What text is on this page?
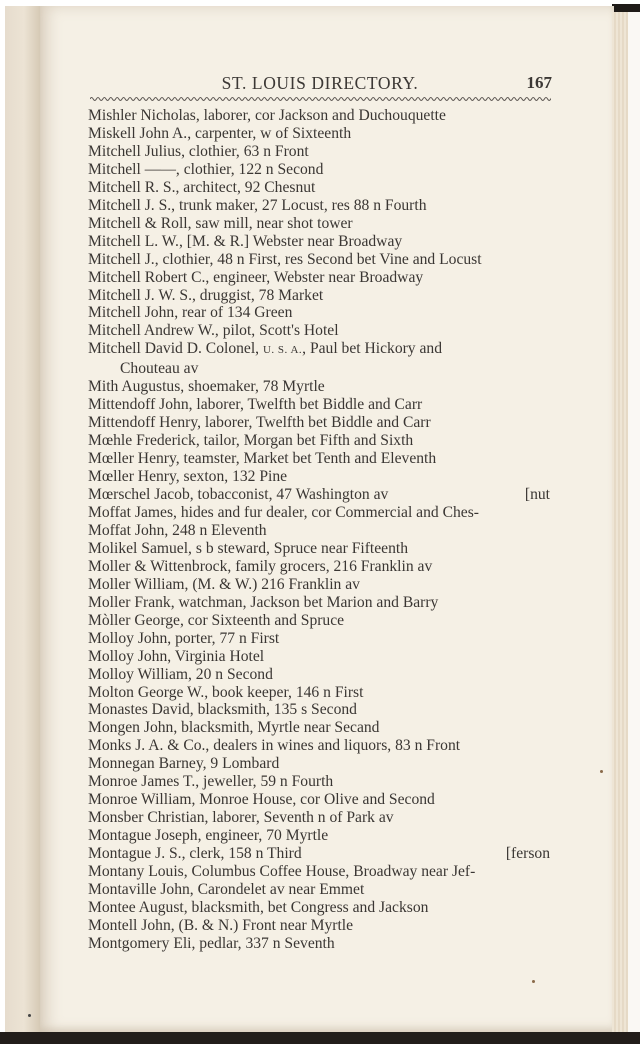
ST. LOUIS DIRECTORY.	167
Mishler Nicholas, laborer, cor Jackson and Duchouquette
Miskell John A., carpenter, w of Sixteenth
Mitchell Julius, clothier, 63 n Front
Mitchell ——, clothier, 122 n Second
Mitchell R. S., architect, 92 Chesnut
Mitchell J. S., trunk maker, 27 Locust, res 88 n Fourth
Mitchell & Roll, saw mill, near shot tower
Mitchell L. W., [M. & R.] Webster near Broadway
Mitchell J., clothier, 48 n First, res Second bet Vine and Locust
Mitchell Robert C., engineer, Webster near Broadway
Mitchell J. W. S., druggist, 78 Market
Mitchell John, rear of 134 Green
Mitchell Andrew W., pilot, Scott's Hotel
Mitchell David D. Colonel, U. S. A., Paul bet Hickory and
Chouteau av
Mith Augustus, shoemaker, 78 Myrtle
Mittendoff John, laborer, Twelfth bet Biddle and Carr
Mittendoff Henry, laborer, Twelfth bet Biddle and Carr
Mœhle Frederick, tailor, Morgan bet Fifth and Sixth
Mœller Henry, teamster, Market bet Tenth and Eleventh
Mœller Henry, sexton, 132 Pine
Mœrschel Jacob, tobacconist, 47 Washington av	[nut
Moffat James, hides and fur dealer, cor Commercial and Ches-
Moffat John, 248 n Eleventh
Molikel Samuel, s b steward, Spruce near Fifteenth
Moller & Wittenbrock, family grocers, 216 Franklin av
Moller William, (M. & W.) 216 Franklin av
Moller Frank, watchman, Jackson bet Marion and Barry
Mòller George, cor Sixteenth and Spruce
Molloy John, porter, 77 n First
Molloy John, Virginia Hotel
Molloy William, 20 n Second
Molton George W., book keeper, 146 n First
Monastes David, blacksmith, 135 s Second
Mongen John, blacksmith, Myrtle near Secand
Monks J. A. & Co., dealers in wines and liquors, 83 n Front
Monnegan Barney, 9 Lombard
Monroe James T., jeweller, 59 n Fourth
Monroe William, Monroe House, cor Olive and Second
Monsber Christian, laborer, Seventh n of Park av
Montague Joseph, engineer, 70 Myrtle
Montague J. S., clerk, 158 n Third	[ferson
Montany Louis, Columbus Coffee House, Broadway near Jef-
Montaville John, Carondelet av near Emmet
Montee August, blacksmith, bet Congress and Jackson
Montell John, (B. & N.) Front near Myrtle
Montgomery Eli, pedlar, 337 n Seventh
